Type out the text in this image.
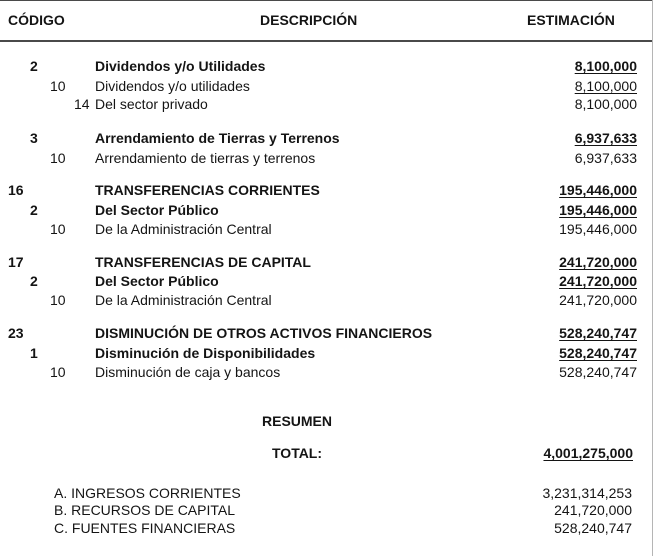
CÓDIGO	DESCRIPCIÓN	ESTIMACIÓN
2	Dividendos y/o Utilidades	8,100,000
10 Dividendos y/o utilidades	8,100,000
14 Del sector privado	8,100,000
3	Arrendamiento de Tierras y Terrenos	6,937,633
10 Arrendamiento de tierras y terrenos	6,937,633
16	TRANSFERENCIAS CORRIENTES	195,446,000
2	Del Sector Público	195,446,000
10 De la Administración Central	195,446,000
17	TRANSFERENCIAS DE CAPITAL	241,720,000
2	Del Sector Público	241,720,000
10 De la Administración Central	241,720,000
23	DISMINUCIÓN DE OTROS ACTIVOS FINANCIEROS	528,240,747
1	Disminución de Disponibilidades	528,240,747
10 Disminución de caja y bancos	528,240,747
RESUMEN
TOTAL:	4,001,275,000
A. INGRESOS CORRIENTES	3,231,314,253
B. RECURSOS DE CAPITAL	241,720,000
C. FUENTES FINANCIERAS	528,240,747
